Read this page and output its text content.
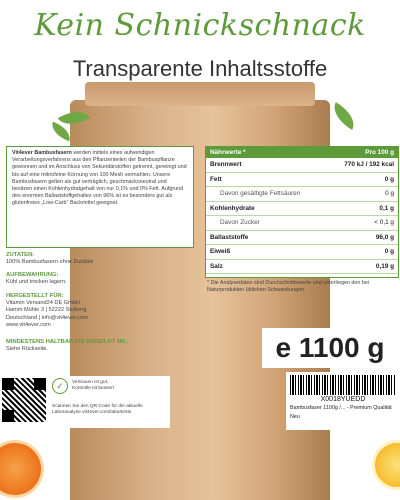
Kein Schnickschnack
Transparente Inhaltsstoffe

Vit4ever Bambusfasern werden mittels eines aufwendigen Verarbeitungsverfahrens aus den Pflanzenteilen der Bambuspflanze gewonnen und im Anschluss von Sekundärstoffen getrennt, gereinigt und bis auf eine mikrofeine Körnung von 100 Mesh vermahlen. Unsere Bambusfasern gelten als gut verträglich, geschmacksneutral und besitzen einen Kohlenhydratgehalt von nur 0,1% und 0% Fett. Aufgrund des enormen Ballaststoffgehaltes von 96% ist es besonders gut als glutenfreies „Low-Carb" Backmittel geeignet.

Nährwerte *	Pro 100 g
Brennwert	770 kJ / 192 kcal
Fett	0 g
Davon gesättigte Fettsäuren	0 g
Kohlenhydrate	0,1 g
Davon Zucker	< 0,1 g
Ballaststoffe	96,0 g
Eiweiß	0 g
Salz	0,19 g
* Die Analysedaten sind Durchschnittswerte und unterliegen den bei Naturprodukten üblichen Schwankungen.
ZUTATEN:
100% Bambusfasern ohne Zusätze
AUFBEWAHRUNG:
Kühl und trocken lagern.
HERGESTELLT FÜR:
Vitamin Versand24 DE GmbH
Hamm Mühle 3 | 52222 Stolberg
Deutschland | info@vit4ever.com
www.vit4ever.com
MINDESTENS HALTBAR BIS ENDE/LOT NR.:
Siehe Rückseite.	e 1100 g
X0018YUEDD
Bambusfaser 1100g /... - Premium Qualität
Neu
✓	Vertrauen ist gut, Kontrolle ist besser!
Scannen Sie den QR-Code für die aktuelle Laboranalyse vit4ever.com/labortests
